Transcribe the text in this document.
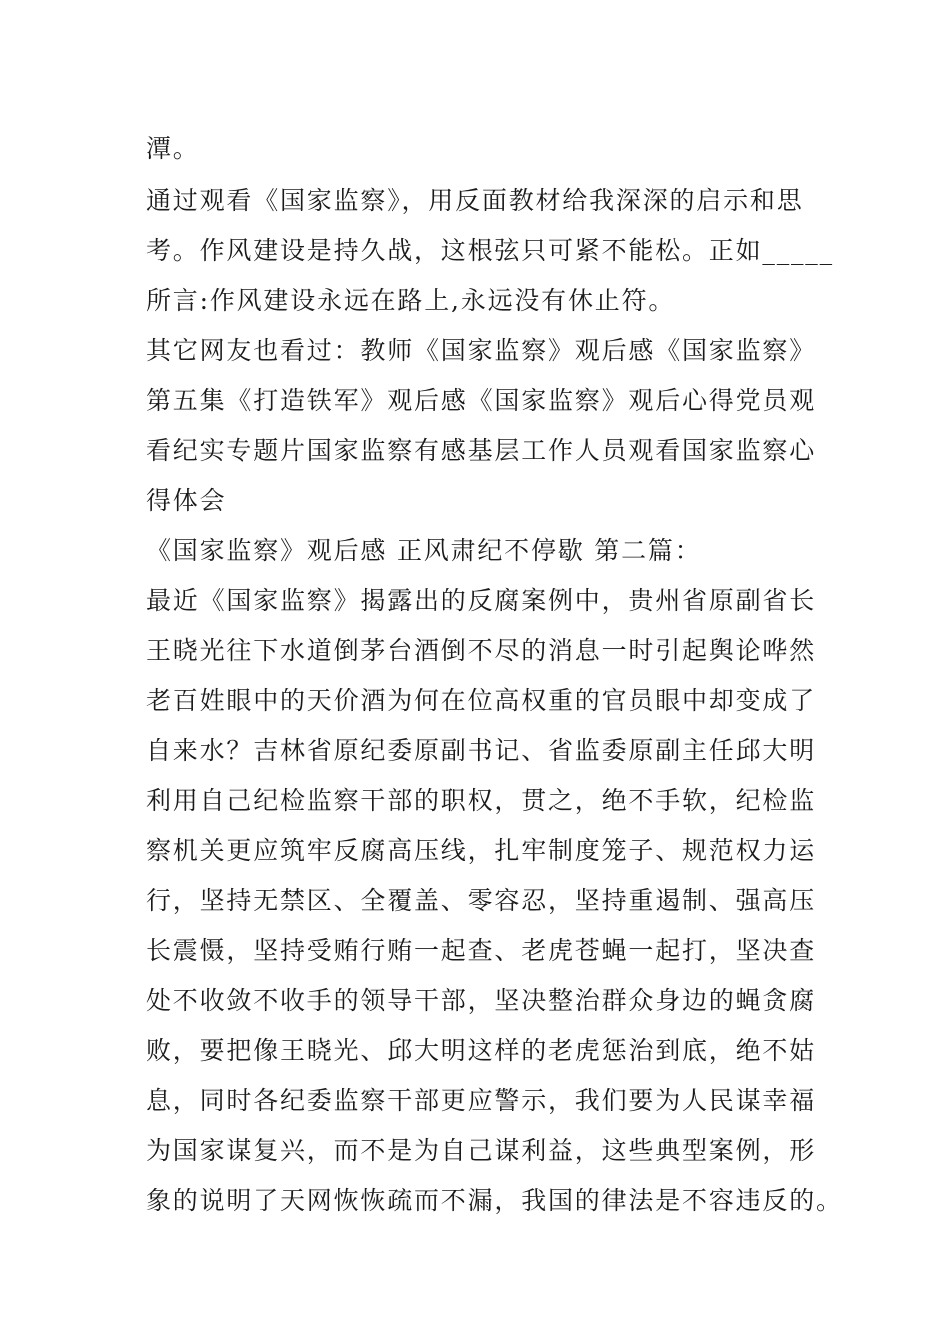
潭。
通过观看《国家监察》，用反面教材给我深深的启示和思
考。作风建设是持久战，这根弦只可紧不能松。正如_____
所言:作风建设永远在路上,永远没有休止符。
其它网友也看过：教师《国家监察》观后感《国家监察》
第五集《打造铁军》观后感《国家监察》观后心得党员观
看纪实专题片国家监察有感基层工作人员观看国家监察心
得体会
《国家监察》观后感 正风肃纪不停歇 第二篇：
最近《国家监察》揭露出的反腐案例中，贵州省原副省长
王晓光往下水道倒茅台酒倒不尽的消息一时引起舆论哗然
老百姓眼中的天价酒为何在位高权重的官员眼中却变成了
自来水？吉林省原纪委原副书记、省监委原副主任邱大明
利用自己纪检监察干部的职权，贯之，绝不手软，纪检监
察机关更应筑牢反腐高压线，扎牢制度笼子、规范权力运
行，坚持无禁区、全覆盖、零容忍，坚持重遏制、强高压
长震慑，坚持受贿行贿一起查、老虎苍蝇一起打，坚决查
处不收敛不收手的领导干部，坚决整治群众身边的蝇贪腐
败，要把像王晓光、邱大明这样的老虎惩治到底，绝不姑
息，同时各纪委监察干部更应警示，我们要为人民谋幸福
为国家谋复兴，而不是为自己谋利益，这些典型案例，形
象的说明了天网恢恢疏而不漏，我国的律法是不容违反的。
